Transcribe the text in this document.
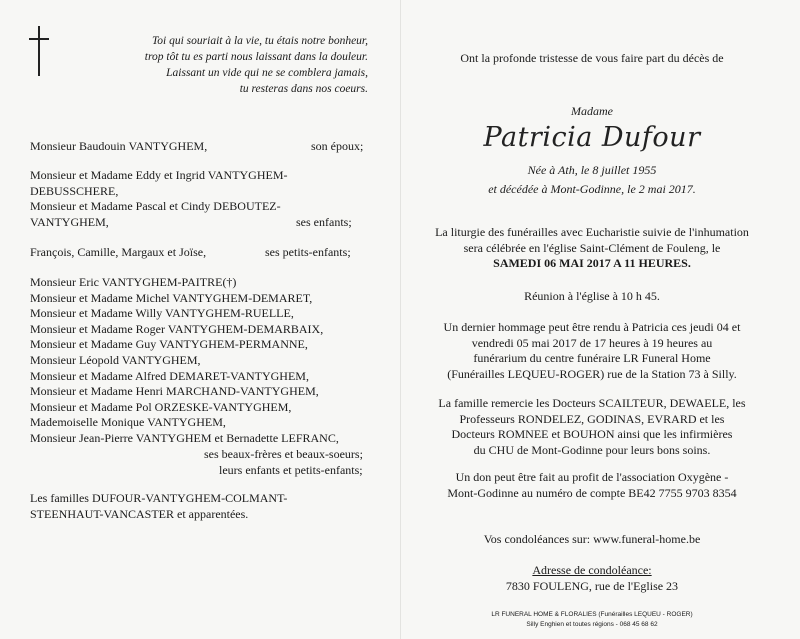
Toi qui souriait à la vie, tu étais notre bonheur,
trop tôt tu es parti nous laissant dans la douleur.
Laissant un vide qui ne se comblera jamais,
tu resteras dans nos coeurs.
Monsieur Baudouin VANTYGHEM,	son époux;
Monsieur et Madame Eddy et Ingrid VANTYGHEM-
DEBUSSCHERE,
Monsieur et Madame Pascal et Cindy DEBOUTEZ-
VANTYGHEM,	ses enfants;
François, Camille, Margaux et Joïse,	ses petits-enfants;
Monsieur Eric VANTYGHEM-PAITRE(†)
Monsieur et Madame Michel VANTYGHEM-DEMARET,
Monsieur et Madame Willy VANTYGHEM-RUELLE,
Monsieur et Madame Roger VANTYGHEM-DEMARBAIX,
Monsieur et Madame Guy VANTYGHEM-PERMANNE,
Monsieur Léopold VANTYGHEM,
Monsieur et Madame Alfred DEMARET-VANTYGHEM,
Monsieur et Madame Henri MARCHAND-VANTYGHEM,
Monsieur et Madame Pol ORZESKE-VANTYGHEM,
Mademoiselle Monique VANTYGHEM,
Monsieur Jean-Pierre VANTYGHEM et Bernadette LEFRANC,
ses beaux-frères et beaux-soeurs;
leurs enfants et petits-enfants;
Les familles DUFOUR-VANTYGHEM-COLMANT-
STEENHAUT-VANCASTER et apparentées.
Ont la profonde tristesse de vous faire part du décès de
Madame
Patricia Dufour
Née à Ath, le 8 juillet 1955
et décédée à Mont-Godinne, le 2 mai 2017.
La liturgie des funérailles avec Eucharistie suivie de l'inhumation
sera célébrée en l'église Saint-Clément de Fouleng, le
SAMEDI 06 MAI 2017 A 11 HEURES.
Réunion à l'église à 10 h 45.
Un dernier hommage peut être rendu à Patricia ces jeudi 04 et
vendredi 05 mai 2017 de 17 heures à 19 heures au
funérarium du centre funéraire LR Funeral Home
(Funérailles LEQUEU-ROGER) rue de la Station 73 à Silly.
La famille remercie les Docteurs SCAILTEUR, DEWAELE, les
Professeurs RONDELEZ, GODINAS, EVRARD et les
Docteurs ROMNEE et BOUHON ainsi que les infirmières
du CHU de Mont-Godinne pour leurs bons soins.
Un don peut être fait au profit de l'association Oxygène -
Mont-Godinne au numéro de compte BE42 7755 9703 8354
Vos condoléances sur: www.funeral-home.be
Adresse de condoléance:
7830 FOULENG, rue de l'Eglise 23
LR FUNERAL HOME & FLORALIES (Funérailles LEQUEU - ROGER)
Silly Enghien et toutes régions - 068 45 68 62
